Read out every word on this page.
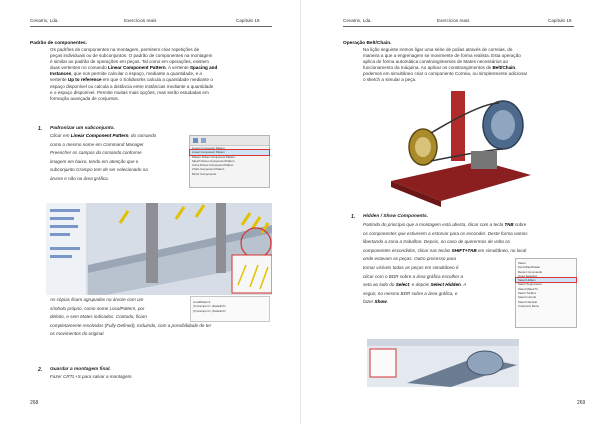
Cenatrix, Lda.	Exercícios reais	Capítulo 18
Padrão de componentes.
Os padrões de componentes na montagem, permitem criar repetições de
peças individuais ou de subconjuntos. O padrão de componentes na montagem
é similar ao padrão de operações em peças. Tal como em operações, existem
duas vertentes no comando Linear Component Pattern. A vertente Spacing and
Instances, que nos permite calcular o espaço, mediante a quantidade, e a
vertente Up to reference em que o Solidworks calcula a quantidade mediante o
espaço disponível ou calcula a distância entre instâncias mediante a quantidade
e o espaço disponível. Permite muitas mais opções, mas serão estudadas em
formação avançada de conjuntos.
1. Padronizar um subconjunto.
Clicar em Linear Component Pattern, do comando
como o mesmo nome em Command Manager.
Preencher os campos do comando conforme
imagem em baixo, tendo em atenção que o
subconjunto Grampo tem de ser selecionado na
árvore e não na área gráfica.
Linear Component Pattern
Linear Component Pattern
Pattern Driven Component Pattern
Sketch Driven Component Pattern
Curve Driven Component Pattern
Chain Component Pattern
Mirror Components
As cópias ficam agrupadas na árvore com um
símbolo próprio, como nome LocalPattern, por
defeito, e sem Mates indicados. Contudo, ficam
completamente resolvidos (Fully Defined), incluindo, com a possibilidade de ter
os movimentos do original.
LocalPattern1
(f) Grampo<1> (Default<D
(f) Grampo<2> (Default<D
2. Guardar a montagem final.
Fazer CRTL+S para salvar a montagem.
268
Cenatrix, Lda.	Exercícios reais	Capítulo 18
Operação Belt/Chain.
Na lição seguinte iremos ligar uma série de polias através de correias, de
maneira a que a engrenagem se movimente de forma realista. Esta operação
aplica de forma automática constrangimentos de Mates necessários ao
funcionamento da máquina. Ao aplicar os constrangimentos de Belt/Chain,
podemos em simultâneo criar o componente Correia, ou simplesmente adicionar
o sketch a simular a peça.
1. Hidden / Show Components.
Partindo do princípio que a montagem está aberta, clicar com a tecla TAB sobre
os componentes que estiverem a estorvar para os esconder. Deste forma vamos
libertando a zona a trabalhar. Depois, no caso de querermos de volta os
componentes escondidos, clicar nas teclas SHIFT+TAB em simultâneo, no local
onde estavam as peças. Outro processo para
tornar visíveis todas as peças em simultâneo é
clicar com o BDR sobre a área gráfica escolher a
seta ao lado do Select, e depois Select Hidden. A
seguir, no mesmo BDR sobre a área gráfica, e
fazer Show.
Select
Zoom/Pan/Rotate
Recent Commands
Invert Selection
Select Hidden
Select Suppressed
Select Mated To
Select Toolbox
Select Internal
Select Identical
Customize Menu
269
